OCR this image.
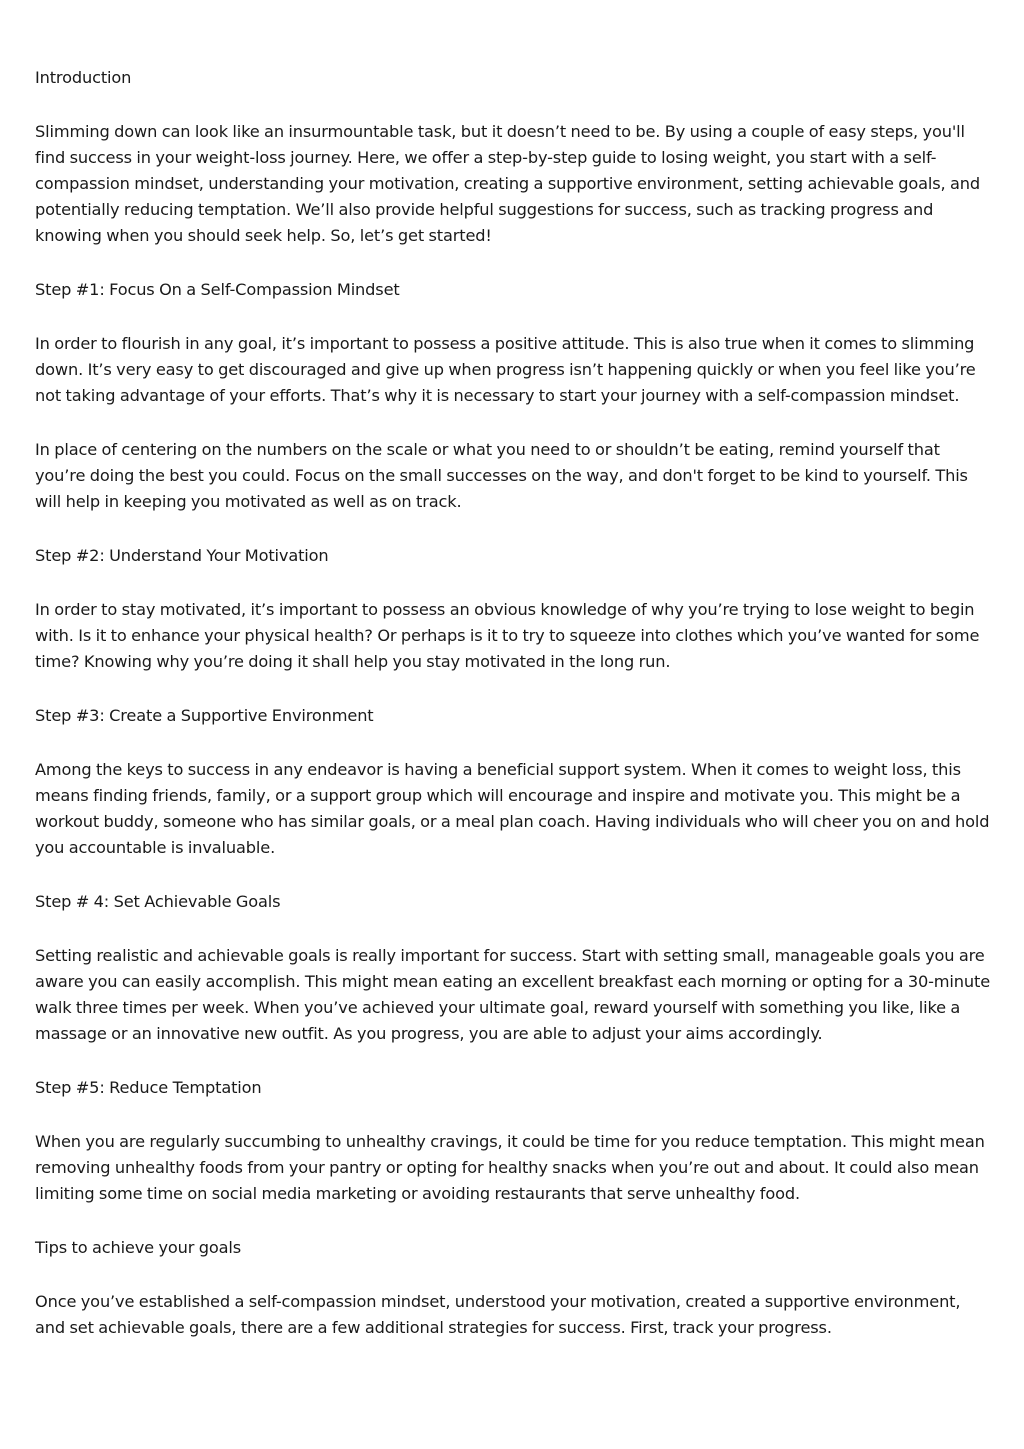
Introduction

Slimming down can look like an insurmountable task, but it doesn’t need to be. By using a couple of easy steps, you'll find success in your weight-loss journey. Here, we offer a step-by-step guide to losing weight, you start with a self-compassion mindset, understanding your motivation, creating a supportive environment, setting achievable goals, and potentially reducing temptation. We’ll also provide helpful suggestions for success, such as tracking progress and knowing when you should seek help. So, let’s get started!

Step #1: Focus On a Self-Compassion Mindset

In order to flourish in any goal, it’s important to possess a positive attitude. This is also true when it comes to slimming down. It’s very easy to get discouraged and give up when progress isn’t happening quickly or when you feel like you’re not taking advantage of your efforts. That’s why it is necessary to start your journey with a self-compassion mindset.

In place of centering on the numbers on the scale or what you need to or shouldn’t be eating, remind yourself that you’re doing the best you could. Focus on the small successes on the way, and don't forget to be kind to yourself. This will help in keeping you motivated as well as on track.

Step #2: Understand Your Motivation

In order to stay motivated, it’s important to possess an obvious knowledge of why you’re trying to lose weight to begin with. Is it to enhance your physical health? Or perhaps is it to try to squeeze into clothes which you’ve wanted for some time? Knowing why you’re doing it shall help you stay motivated in the long run.

Step #3: Create a Supportive Environment

Among the keys to success in any endeavor is having a beneficial support system. When it comes to weight loss, this means finding friends, family, or a support group which will encourage and inspire and motivate you. This might be a workout buddy, someone who has similar goals, or a meal plan coach. Having individuals who will cheer you on and hold you accountable is invaluable.

Step # 4: Set Achievable Goals

Setting realistic and achievable goals is really important for success. Start with setting small, manageable goals you are aware you can easily accomplish. This might mean eating an excellent breakfast each morning or opting for a 30-minute walk three times per week. When you’ve achieved your ultimate goal, reward yourself with something you like, like a massage or an innovative new outfit. As you progress, you are able to adjust your aims accordingly.

Step #5: Reduce Temptation

When you are regularly succumbing to unhealthy cravings, it could be time for you reduce temptation. This might mean removing unhealthy foods from your pantry or opting for healthy snacks when you’re out and about. It could also mean limiting some time on social media marketing or avoiding restaurants that serve unhealthy food.

Tips to achieve your goals

Once you’ve established a self-compassion mindset, understood your motivation, created a supportive environment, and set achievable goals, there are a few additional strategies for success. First, track your progress.
